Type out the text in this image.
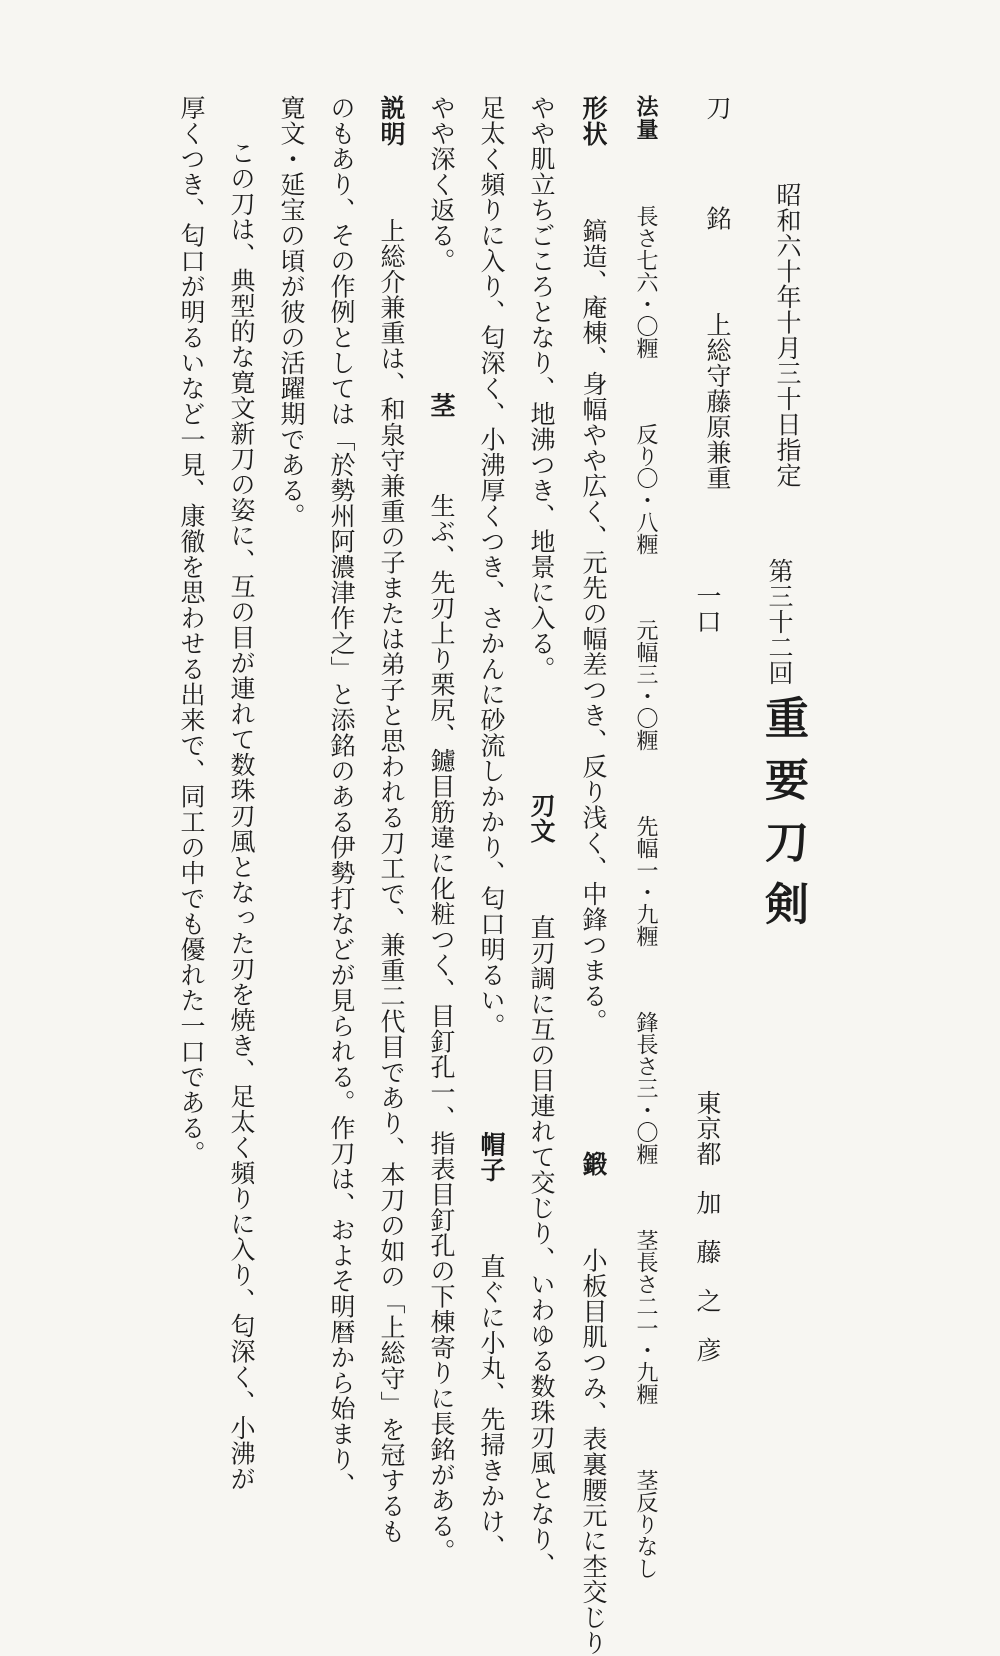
昭和六十年十月三十日指定
第三十二回
重要刀剣
東京都
加藤之彦
刀  銘  上総守藤原兼重
一口
法量  長さ七六・〇糎  反り〇・八糎  元幅三・〇糎  先幅一・九糎  鋒長さ三・〇糎  茎長さ二一・九糎  茎反りなし
形状  鎬造、庵棟、身幅やや広く、元先の幅差つき、反り浅く、中鋒つまる。  鍛  小板目肌つみ、表裏腰元に杢交じり
やや肌立ちごころとなり、地沸つき、地景に入る。  刃文  直刃調に互の目連れて交じり、いわゆる数珠刃風となり、
足太く頻りに入り、匂深く、小沸厚くつき、さかんに砂流しかかり、匂口明るい。  帽子  直ぐに小丸、先掃きかけ、
やや深く返る。  茎  生ぶ、先刃上り栗尻、鑢目筋違に化粧つく、目釘孔一、指表目釘孔の下棟寄りに長銘がある。
説明  上総介兼重は、和泉守兼重の子または弟子と思われる刀工で、兼重二代目であり、本刀の如の「上総守」を冠するも
のもあり、その作例としては「於勢州阿濃津作之」と添銘のある伊勢打などが見られる。作刀は、およそ明暦から始まり、
寛文・延宝の頃が彼の活躍期である。
この刀は、典型的な寛文新刀の姿に、互の目が連れて数珠刃風となった刃を焼き、足太く頻りに入り、匂深く、小沸が
厚くつき、匂口が明るいなど一見、康徹を思わせる出来で、同工の中でも優れた一口である。
